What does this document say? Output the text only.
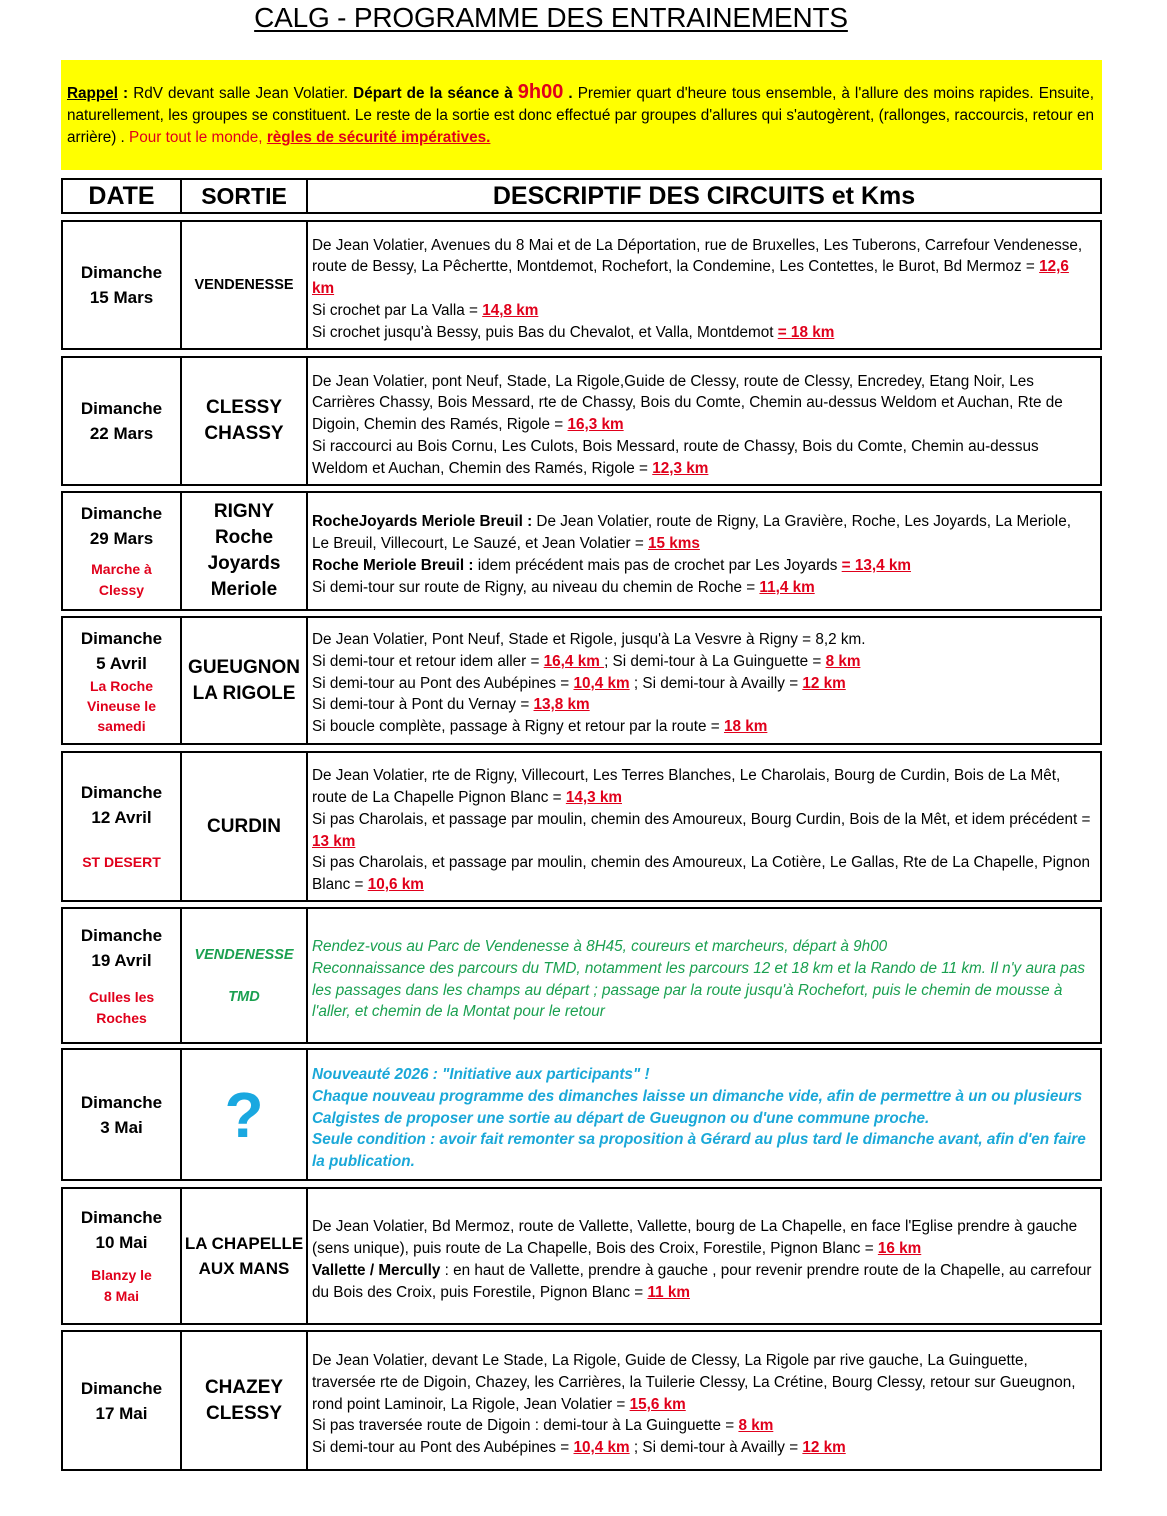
CALG - PROGRAMME DES ENTRAINEMENTS
Rappel : RdV devant salle Jean Volatier. Départ de la séance à 9h00 . Premier quart d'heure tous ensemble, à l'allure des moins rapides. Ensuite, naturellement, les groupes se constituent. Le reste de la sortie est donc effectué par groupes d'allures qui s'autogèrent, (rallonges, raccourcis, retour en arrière) . Pour tout le monde, règles de sécurité impératives.
DATE	SORTIE	DESCRIPTIF DES CIRCUITS et Kms
Dimanche
15 Mars
VENDENESSE

De Jean Volatier, Avenues du 8 Mai et de La Déportation, rue de Bruxelles, Les Tuberons, Carrefour Vendenesse, route de Bessy, La Pêchertte, Montdemot, Rochefort, la Condemine, Les Contettes, le Burot, Bd Mermoz = 12,6 km

Si crochet par La Valla = 14,8 km

Si crochet jusqu'à Bessy, puis Bas du Chevalot, et Valla, Montdemot = 18 km

Dimanche
22 Mars
CLESSY CHASSY

De Jean Volatier, pont Neuf, Stade, La Rigole,Guide de Clessy, route de Clessy, Encredey, Etang Noir, Les Carrières Chassy, Bois Messard, rte de Chassy, Bois du Comte, Chemin au-dessus Weldom et Auchan, Rte de Digoin, Chemin des Ramés, Rigole = 16,3 km

Si raccourci au Bois Cornu, Les Culots, Bois Messard, route de Chassy, Bois du Comte, Chemin au-dessus Weldom et Auchan, Chemin des Ramés, Rigole = 12,3 km

Dimanche
29 Mars
Marche à Clessy
RIGNY Roche Joyards Meriole

RocheJoyards Meriole Breuil : De Jean Volatier, route de Rigny, La Gravière, Roche, Les Joyards, La Meriole, Le Breuil, Villecourt, Le Sauzé, et Jean Volatier = 15 kms

Roche Meriole Breuil : idem précédent mais pas de crochet par Les Joyards = 13,4 km

Si demi-tour sur route de Rigny, au niveau du chemin de Roche = 11,4 km

Dimanche
5 Avril
La Roche Vineuse le samedi
GUEUGNON LA RIGOLE

De Jean Volatier, Pont Neuf, Stade et Rigole, jusqu'à La Vesvre à Rigny = 8,2 km.

Si demi-tour et retour idem aller = 16,4 km ; Si demi-tour à La Guinguette = 8 km

Si demi-tour au Pont des Aubépines = 10,4 km ; Si demi-tour à Availly = 12 km

Si demi-tour à Pont du Vernay = 13,8 km

Si boucle complète, passage à Rigny et retour par la route = 18 km

Dimanche
12 Avril
ST DESERT
CURDIN

De Jean Volatier, rte de Rigny, Villecourt, Les Terres Blanches, Le Charolais, Bourg de Curdin, Bois de La Mêt, route de La Chapelle Pignon Blanc = 14,3 km

Si pas Charolais, et passage par moulin, chemin des Amoureux, Bourg Curdin, Bois de la Mêt, et idem précédent = 13 km

Si pas Charolais, et passage par moulin, chemin des Amoureux, La Cotière, Le Gallas, Rte de La Chapelle, Pignon Blanc = 10,6 km

Dimanche
19 Avril
Culles les Roches
VENDENESSE
TMD

Rendez-vous au Parc de Vendenesse à 8H45, coureurs et marcheurs, départ à 9h00

Reconnaissance des parcours du TMD, notamment les parcours 12 et 18 km et la Rando de 11 km. Il n'y aura pas les passages dans les champs au départ ; passage par la route jusqu'à Rochefort, puis le chemin de mousse à l'aller, et chemin de la Montat pour le retour

Dimanche
3 Mai ?

Nouveauté 2026 : "Initiative aux participants" !

Chaque nouveau programme des dimanches laisse un dimanche vide, afin de permettre à un ou plusieurs Calgistes de proposer une sortie au départ de Gueugnon ou d'une commune proche.

Seule condition : avoir fait remonter sa proposition à Gérard au plus tard le dimanche avant, afin d'en faire la publication.

Dimanche
10 Mai
Blanzy le 8 Mai
LA CHAPELLE AUX MANS

De Jean Volatier, Bd Mermoz, route de Vallette, Vallette, bourg de La Chapelle, en face l'Eglise prendre à gauche (sens unique), puis route de La Chapelle, Bois des Croix, Forestile, Pignon Blanc = 16 km

Vallette / Mercully : en haut de Vallette, prendre à gauche , pour revenir prendre route de la Chapelle, au carrefour du Bois des Croix, puis Forestile, Pignon Blanc = 11 km

Dimanche
17 Mai
CHAZEY CLESSY

De Jean Volatier, devant Le Stade, La Rigole, Guide de Clessy, La Rigole par rive gauche, La Guinguette, traversée rte de Digoin, Chazey, les Carrières, la Tuilerie Clessy, La Crétine, Bourg Clessy, retour sur Gueugnon, rond point Laminoir, La Rigole, Jean Volatier = 15,6 km

Si pas traversée route de Digoin : demi-tour à La Guinguette = 8 km

Si demi-tour au Pont des Aubépines = 10,4 km ; Si demi-tour à Availly = 12 km
